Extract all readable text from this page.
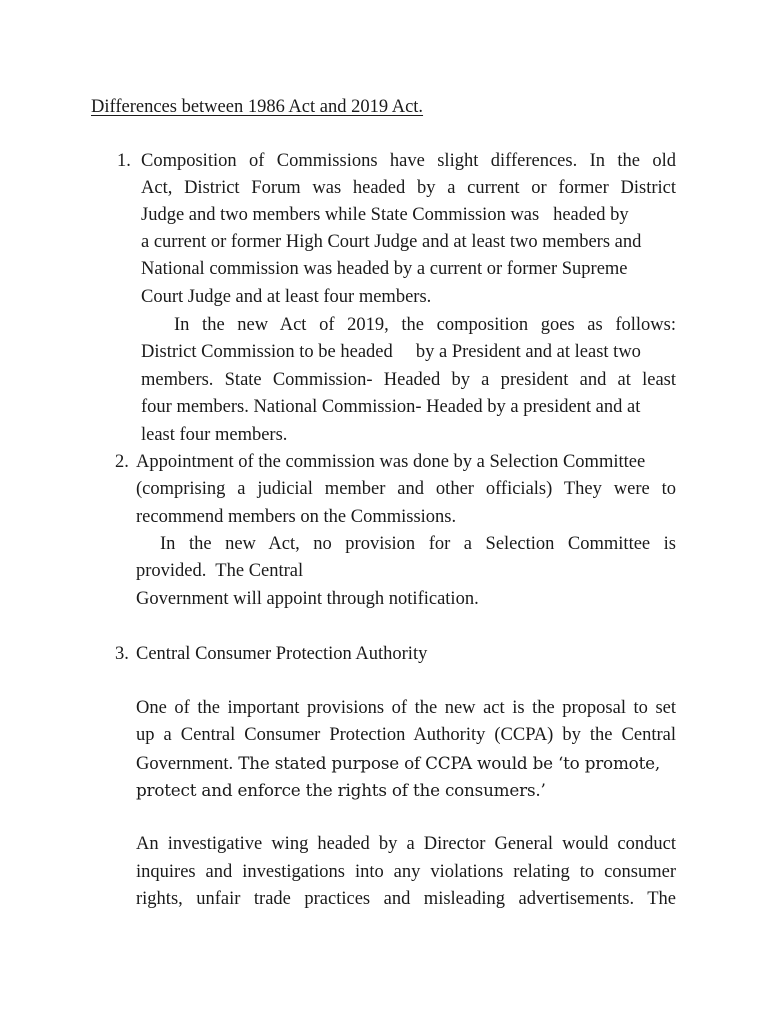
Differences between 1986 Act and 2019 Act.
1. Composition of Commissions have slight differences. In the old
Act, District Forum was headed by a current or former District
Judge and two members while State Commission was   headed by
a current or former High Court Judge and at least two members and
National commission was headed by a current or former Supreme
Court Judge and at least four members.
In the new Act of 2019, the composition goes as follows:
District Commission to be headed     by a President and at least two
members. State Commission- Headed by a president and at least
four members. National Commission- Headed by a president and at
least four members.
2. Appointment of the commission was done by a Selection Committee
(comprising a judicial member and other officials) They were to
recommend members on the Commissions.
In the new Act, no provision for a Selection Committee is
provided.  The Central
Government will appoint through notification.
3. Central Consumer Protection Authority
One of the important provisions of the new act is the proposal to set
up a Central Consumer Protection Authority (CCPA) by the Central
Government. The stated purpose of CCPA would be ‘to promote,
protect and enforce the rights of the consumers.’
An investigative wing headed by a Director General would conduct
inquires and investigations into any violations relating to consumer
rights, unfair trade practices and misleading advertisements. The
